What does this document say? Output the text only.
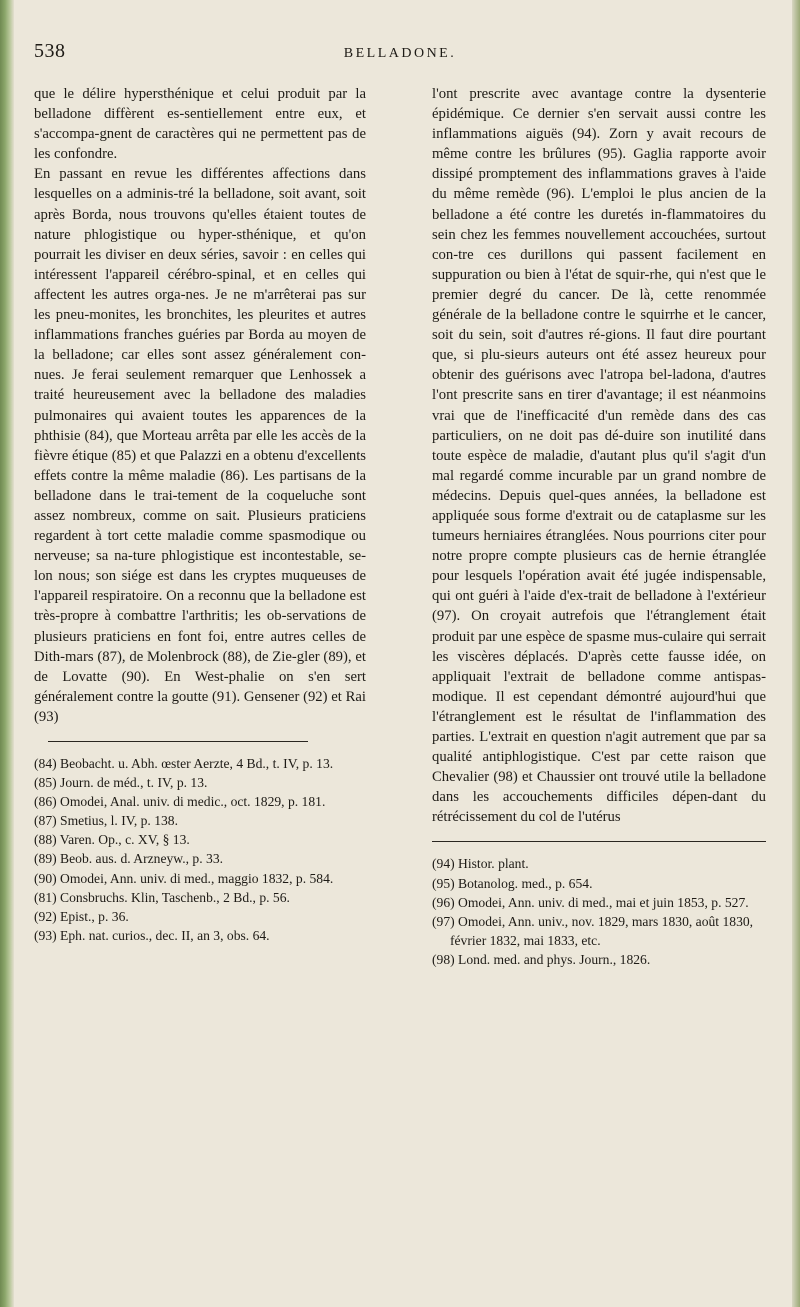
538	BELLADONE.

que le délire hypersthénique et celui produit par la belladone diffèrent es-sentiellement entre eux, et s'accompa-gnent de caractères qui ne permettent pas de les confondre.

En passant en revue les différentes affections dans lesquelles on a adminis-tré la belladone, soit avant, soit après Borda, nous trouvons qu'elles étaient toutes de nature phlogistique ou hyper-sthénique, et qu'on pourrait les diviser en deux séries, savoir : en celles qui intéressent l'appareil cérébro-spinal, et en celles qui affectent les autres orga-nes. Je ne m'arrêterai pas sur les pneu-monites, les bronchites, les pleurites et autres inflammations franches guéries par Borda au moyen de la belladone; car elles sont assez généralement con-nues. Je ferai seulement remarquer que Lenhossek a traité heureusement avec la belladone des maladies pulmonaires qui avaient toutes les apparences de la phthisie (84), que Morteau arrêta par elle les accès de la fièvre étique (85) et que Palazzi en a obtenu d'excellents effets contre la même maladie (86). Les partisans de la belladone dans le trai-tement de la coqueluche sont assez nombreux, comme on sait. Plusieurs praticiens regardent à tort cette maladie comme spasmodique ou nerveuse; sa na-ture phlogistique est incontestable, se-lon nous; son siége est dans les cryptes muqueuses de l'appareil respiratoire. On a reconnu que la belladone est très-propre à combattre l'arthritis; les ob-servations de plusieurs praticiens en font foi, entre autres celles de Dith-mars (87), de Molenbrock (88), de Zie-gler (89), et de Lovatte (90). En West-phalie on s'en sert généralement contre la goutte (91). Gensener (92) et Rai (93)

(84) Beobacht. u. Abh. œster Aerzte, 4 Bd., t. IV, p. 13.
(85) Journ. de méd., t. IV, p. 13.
(86) Omodei, Anal. univ. di medic., oct. 1829, p. 181.
(87) Smetius, l. IV, p. 138.
(88) Varen. Op., c. XV, § 13.
(89) Beob. aus. d. Arzneyw., p. 33.
(90) Omodei, Ann. univ. di med., maggio 1832, p. 584.
(81) Consbruchs. Klin, Taschenb., 2 Bd., p. 56.
(92) Epist., p. 36.
(93) Eph. nat. curios., dec. II, an 3, obs. 64.

l'ont prescrite avec avantage contre la dysenterie épidémique. Ce dernier s'en servait aussi contre les inflammations aiguës (94). Zorn y avait recours de même contre les brûlures (95). Gaglia rapporte avoir dissipé promptement des inflammations graves à l'aide du même remède (96). L'emploi le plus ancien de la belladone a été contre les duretés in-flammatoires du sein chez les femmes nouvellement accouchées, surtout con-tre ces durillons qui passent facilement en suppuration ou bien à l'état de squir-rhe, qui n'est que le premier degré du cancer. De là, cette renommée générale de la belladone contre le squirrhe et le cancer, soit du sein, soit d'autres ré-gions. Il faut dire pourtant que, si plu-sieurs auteurs ont été assez heureux pour obtenir des guérisons avec l'atropa bel-ladona, d'autres l'ont prescrite sans en tirer d'avantage; il est néanmoins vrai que de l'inefficacité d'un remède dans des cas particuliers, on ne doit pas dé-duire son inutilité dans toute espèce de maladie, d'autant plus qu'il s'agit d'un mal regardé comme incurable par un grand nombre de médecins. Depuis quel-ques années, la belladone est appliquée sous forme d'extrait ou de cataplasme sur les tumeurs herniaires étranglées. Nous pourrions citer pour notre propre compte plusieurs cas de hernie étranglée pour lesquels l'opération avait été jugée indispensable, qui ont guéri à l'aide d'ex-trait de belladone à l'extérieur (97). On croyait autrefois que l'étranglement était produit par une espèce de spasme mus-culaire qui serrait les viscères déplacés. D'après cette fausse idée, on appliquait l'extrait de belladone comme antispas-modique. Il est cependant démontré aujourd'hui que l'étranglement est le résultat de l'inflammation des parties. L'extrait en question n'agit autrement que par sa qualité antiphlogistique. C'est par cette raison que Chevalier (98) et Chaussier ont trouvé utile la belladone dans les accouchements difficiles dépen-dant du rétrécissement du col de l'utérus

(94) Histor. plant.
(95) Botanolog. med., p. 654.
(96) Omodei, Ann. univ. di med., mai et juin 1853, p. 527.
(97) Omodei, Ann. univ., nov. 1829, mars 1830, août 1830, février 1832, mai 1833, etc.
(98) Lond. med. and phys. Journ., 1826.
